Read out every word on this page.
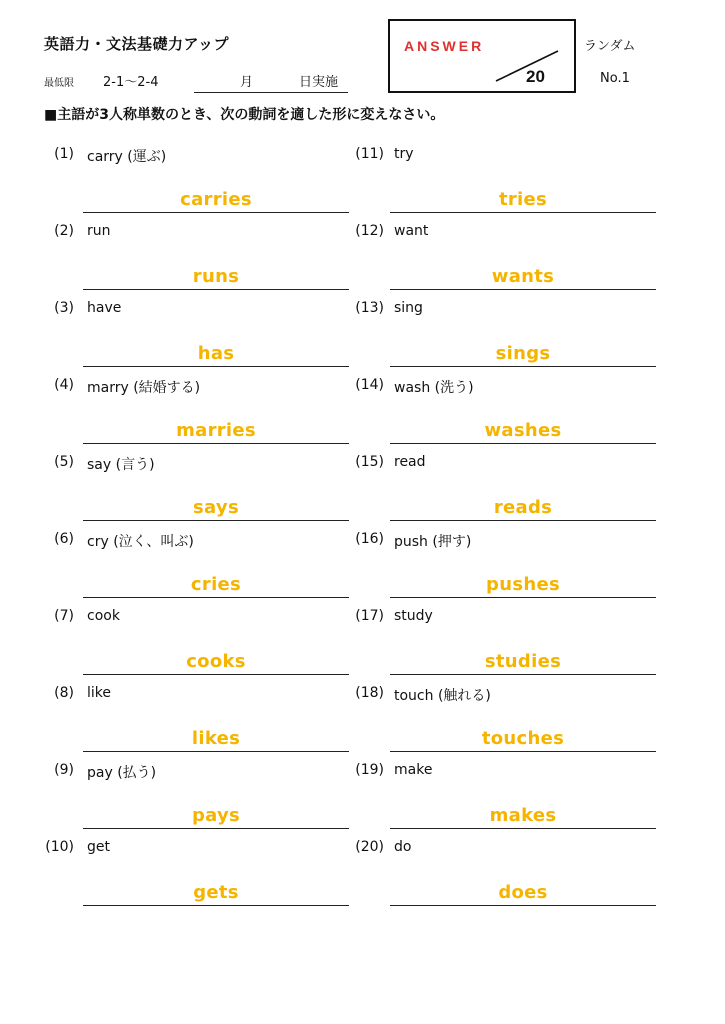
英語力・文法基礎力アップ
最低限 2-1～2-4	月	日実施
ANSWER
20
ランダム
No.1
■主語が3人称単数のとき、次の動詞を適した形に変えなさい。
(1) carry (運ぶ)
carries
(2) run
runs
(3) have
has
(4) marry (結婚する)
marries
(5) say (言う)
says
(6) cry (泣く、叫ぶ)
cries
(7) cook
cooks
(8) like
likes
(9) pay (払う)
pays
(10) get
gets
(11) try
tries
(12) want
wants
(13) sing
sings
(14) wash (洗う)
washes
(15) read
reads
(16) push (押す)
pushes
(17) study
studies
(18) touch (触れる)
touches
(19) make
makes
(20) do
does
